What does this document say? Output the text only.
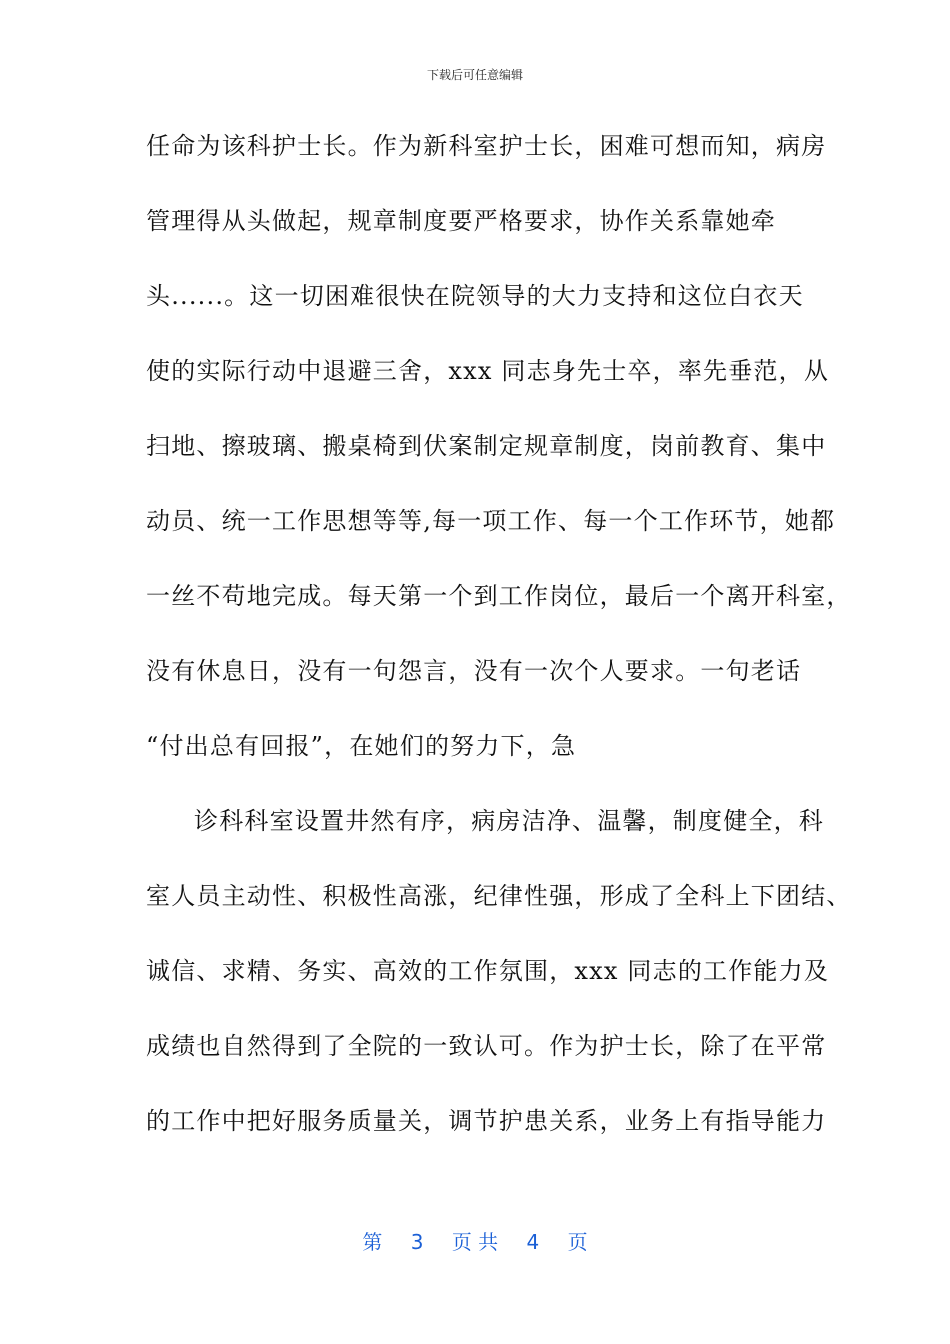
下载后可任意编辑
任命为该科护士长。作为新科室护士长，困难可想而知，病房
管理得从头做起，规章制度要严格要求，协作关系靠她牵
头......。这一切困难很快在院领导的大力支持和这位白衣天
使的实际行动中退避三舍，xxx 同志身先士卒，率先垂范，从
扫地、擦玻璃、搬桌椅到伏案制定规章制度，岗前教育、集中
动员、统一工作思想等等,每一项工作、每一个工作环节，她都
一丝不苟地完成。每天第一个到工作岗位，最后一个离开科室，
没有休息日，没有一句怨言，没有一次个人要求。一句老话
“付出总有回报”，在她们的努力下，急
诊科科室设置井然有序，病房洁净、温馨，制度健全，科
室人员主动性、积极性高涨，纪律性强，形成了全科上下团结、
诚信、求精、务实、高效的工作氛围，xxx 同志的工作能力及
成绩也自然得到了全院的一致认可。作为护士长，除了在平常
的工作中把好服务质量关，调节护患关系，业务上有指导能力
第 3 页 共 4 页
